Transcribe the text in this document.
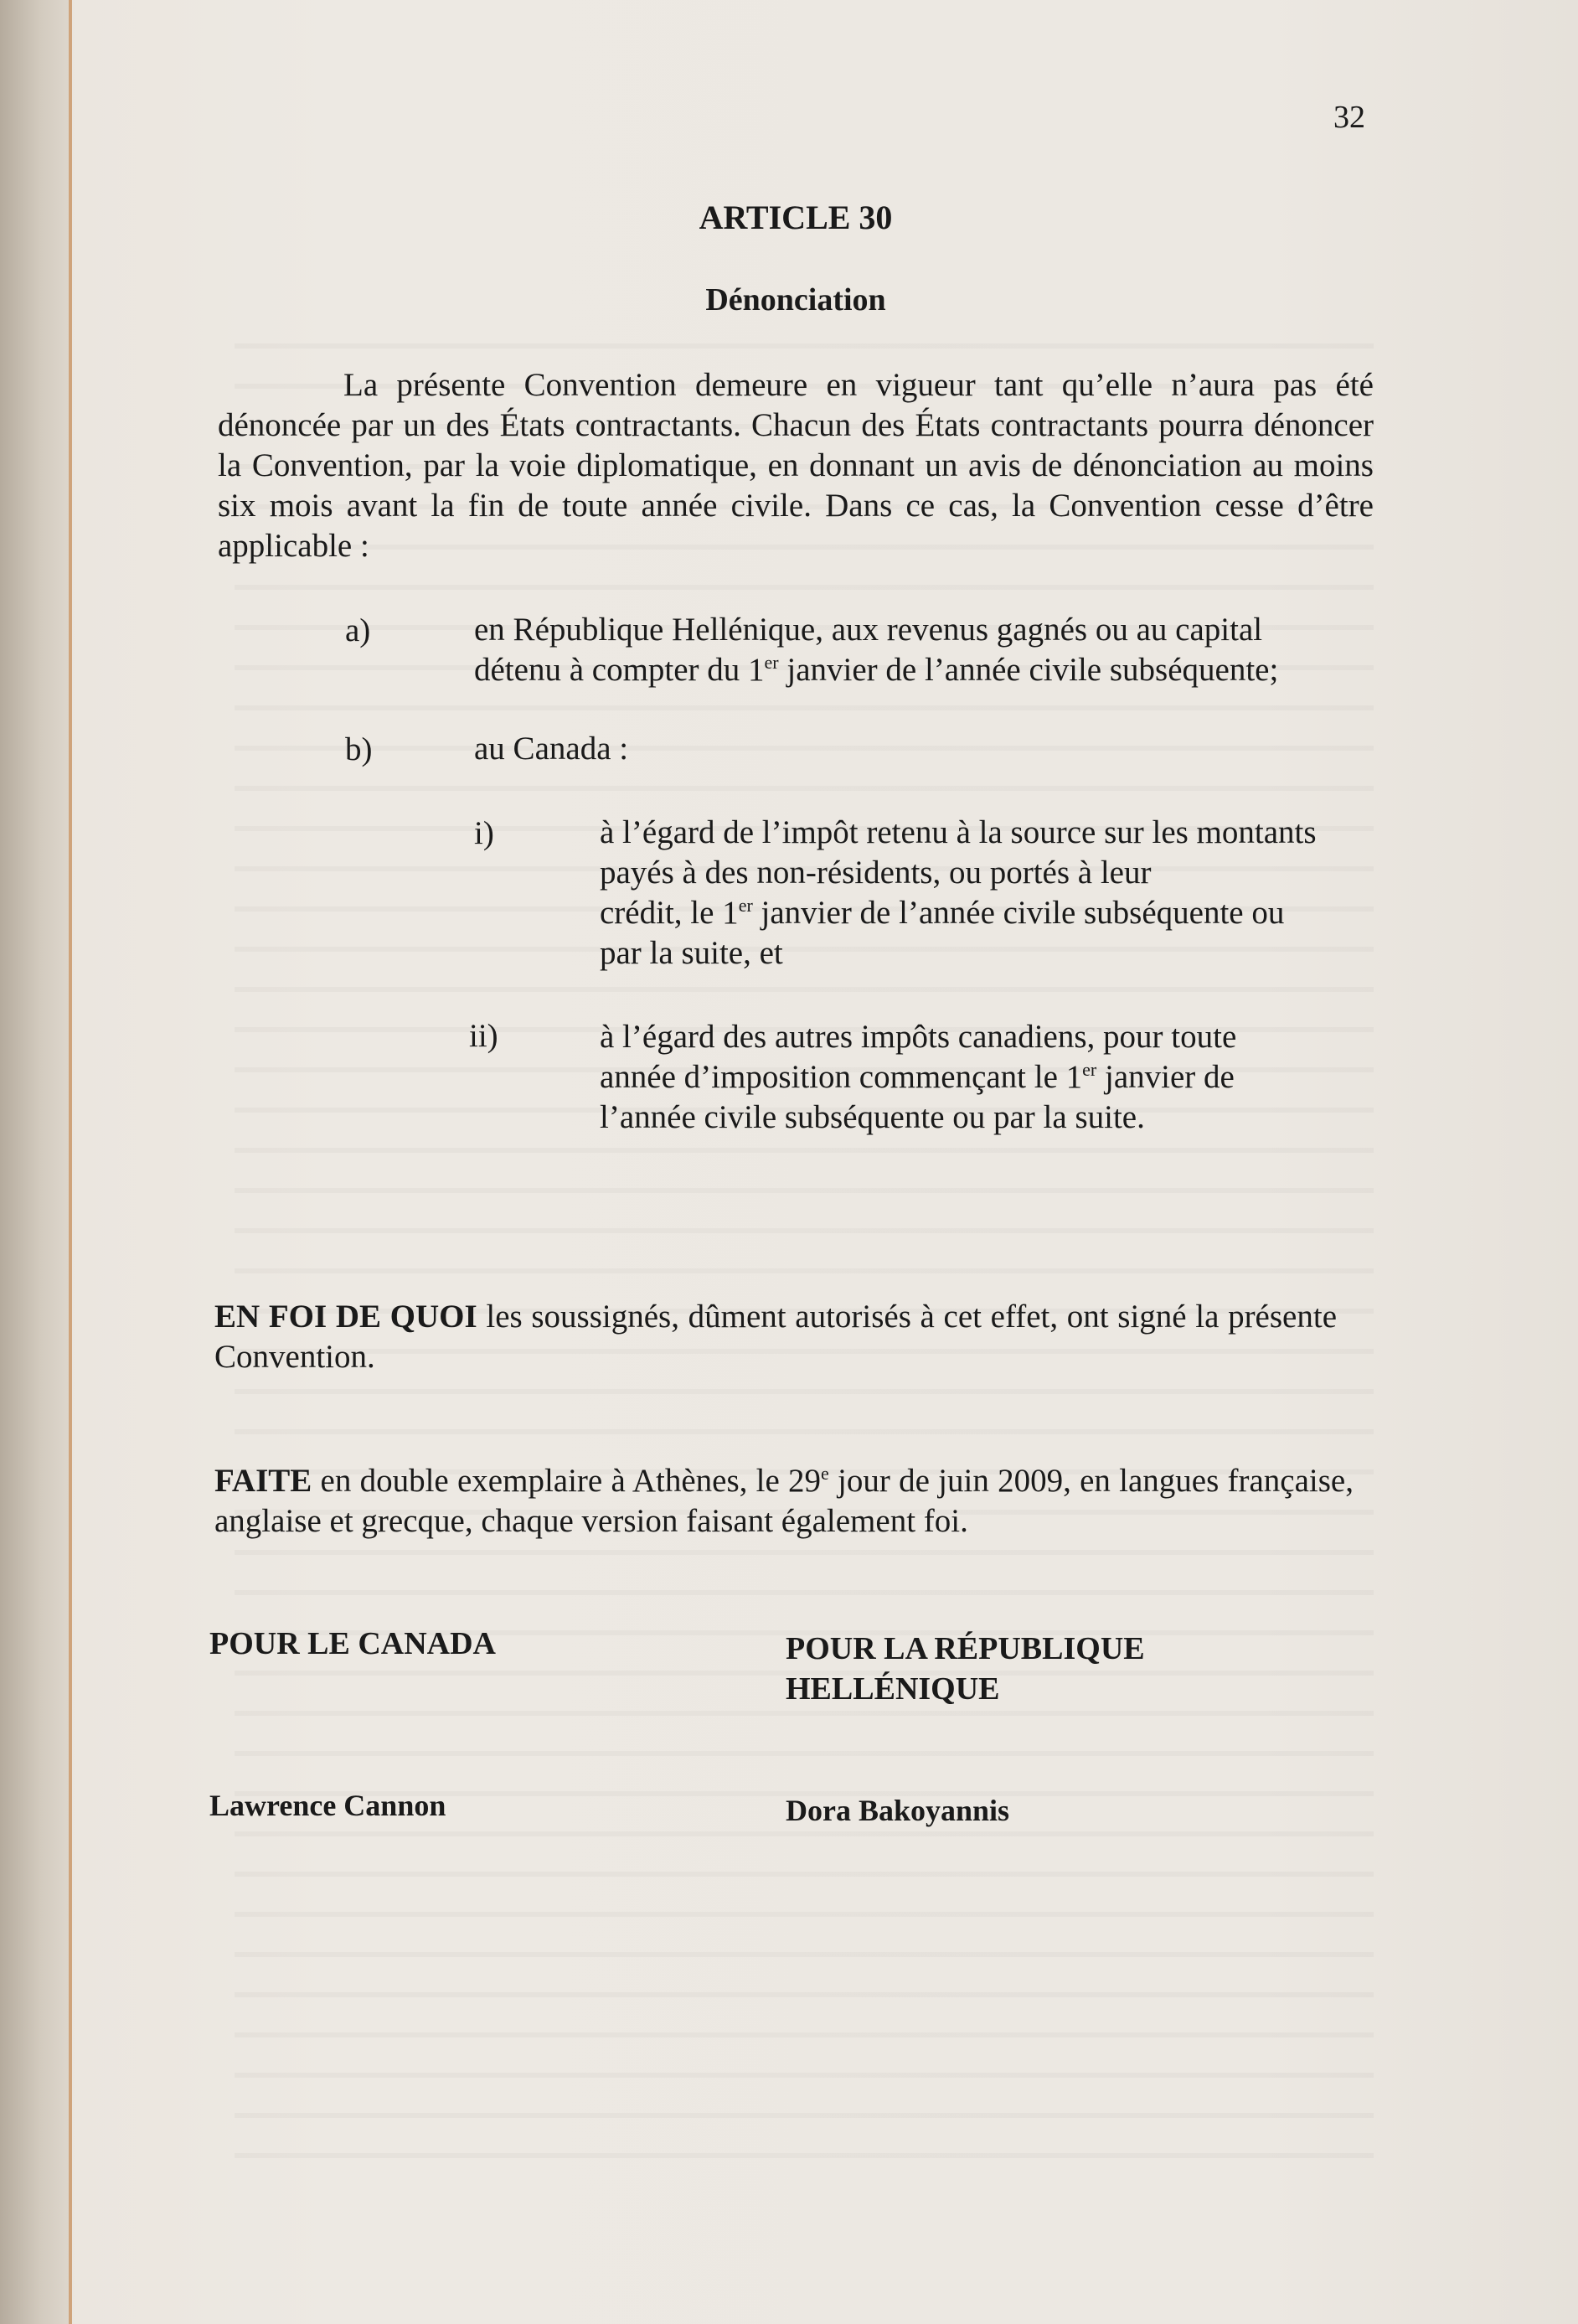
32
ARTICLE 30
Dénonciation
La présente Convention demeure en vigueur tant qu’elle n’aura pas été dénoncée par un des États contractants. Chacun des États contractants pourra dénoncer la Convention, par la voie diplomatique, en donnant un avis de dénonciation au moins six mois avant la fin de toute année civile. Dans ce cas, la Convention cesse d’être applicable :
a)	en République Hellénique, aux revenus gagnés ou au capital
détenu à compter du 1er janvier de l’année civile subséquente;
b)	au Canada :
i)	à l’égard de l’impôt retenu à la source sur les montants payés à des non-résidents, ou portés à leur
crédit, le 1er janvier de l’année civile subséquente ou
par la suite, et
ii)	à l’égard des autres impôts canadiens, pour toute
année d’imposition commençant le 1er janvier de
l’année civile subséquente ou par la suite.
EN FOI DE QUOI les soussignés, dûment autorisés à cet effet, ont signé la présente Convention.
FAITE en double exemplaire à Athènes, le 29e jour de juin 2009, en langues française, anglaise et grecque, chaque version faisant également foi.
POUR LE CANADA	POUR LA RÉPUBLIQUE
HELLÉNIQUE
Lawrence Cannon	Dora Bakoyannis
